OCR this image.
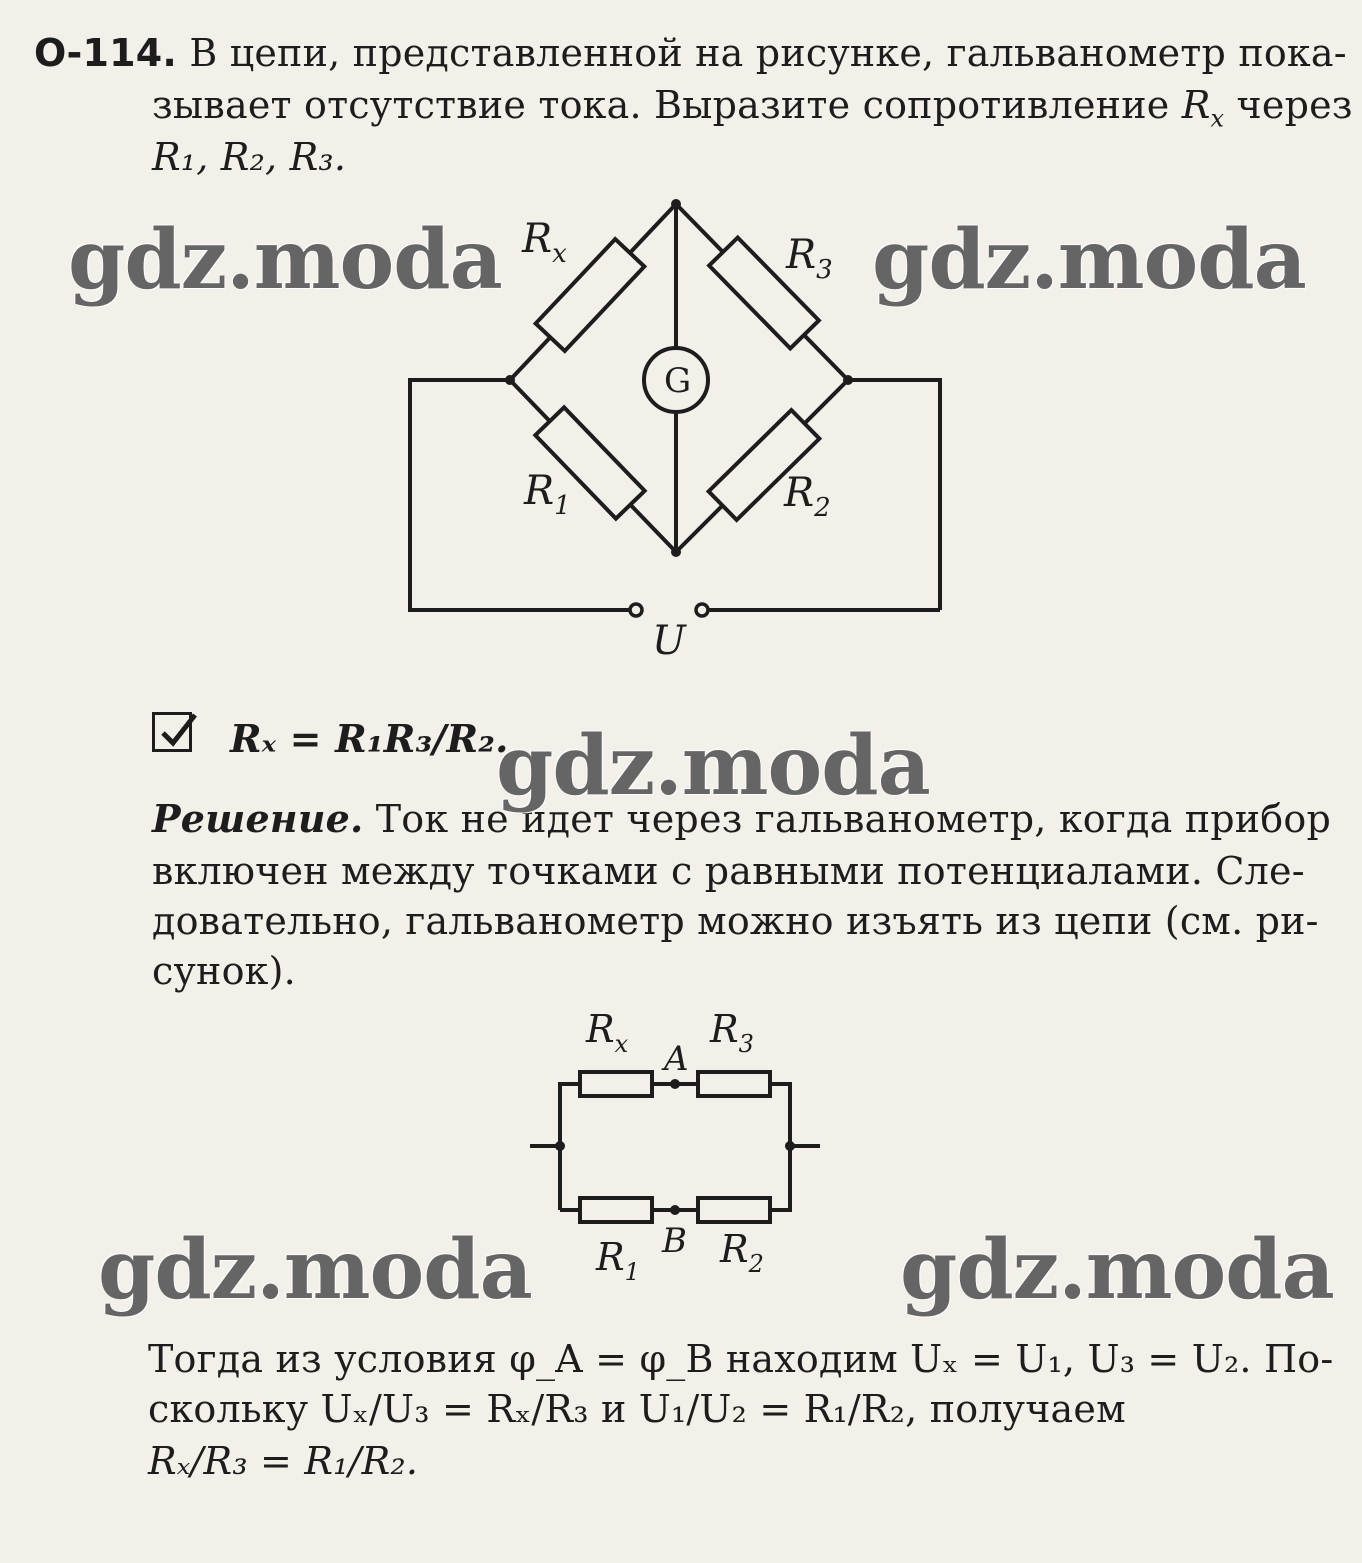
О-114. В цепи, представленной на рисунке, гальванометр пока-
зывает отсутствие тока. Выразите сопротивление $R_x$ через
R₁, R₂, R₃.
G
$R_x$	$R_3$
$R_1$	$R_2$
U
Rₓ = R₁R₃/R₂.
Решение. Ток не идет через гальванометр, когда прибор
включен между точками с равными потенциалами. Сле-
довательно, гальванометр можно изъять из цепи (см. ри-
сунок).
$R_x$ $R_3$
A
B
$R_1$
$R_2$
Тогда из условия φ_A = φ_B находим Uₓ = U₁, U₃ = U₂. По-
скольку Uₓ/U₃ = Rₓ/R₃ и U₁/U₂ = R₁/R₂, получаем
Rₓ/R₃ = R₁/R₂.
gdz.moda	gdz.moda
gdz.moda
gdz.moda	gdz.moda
